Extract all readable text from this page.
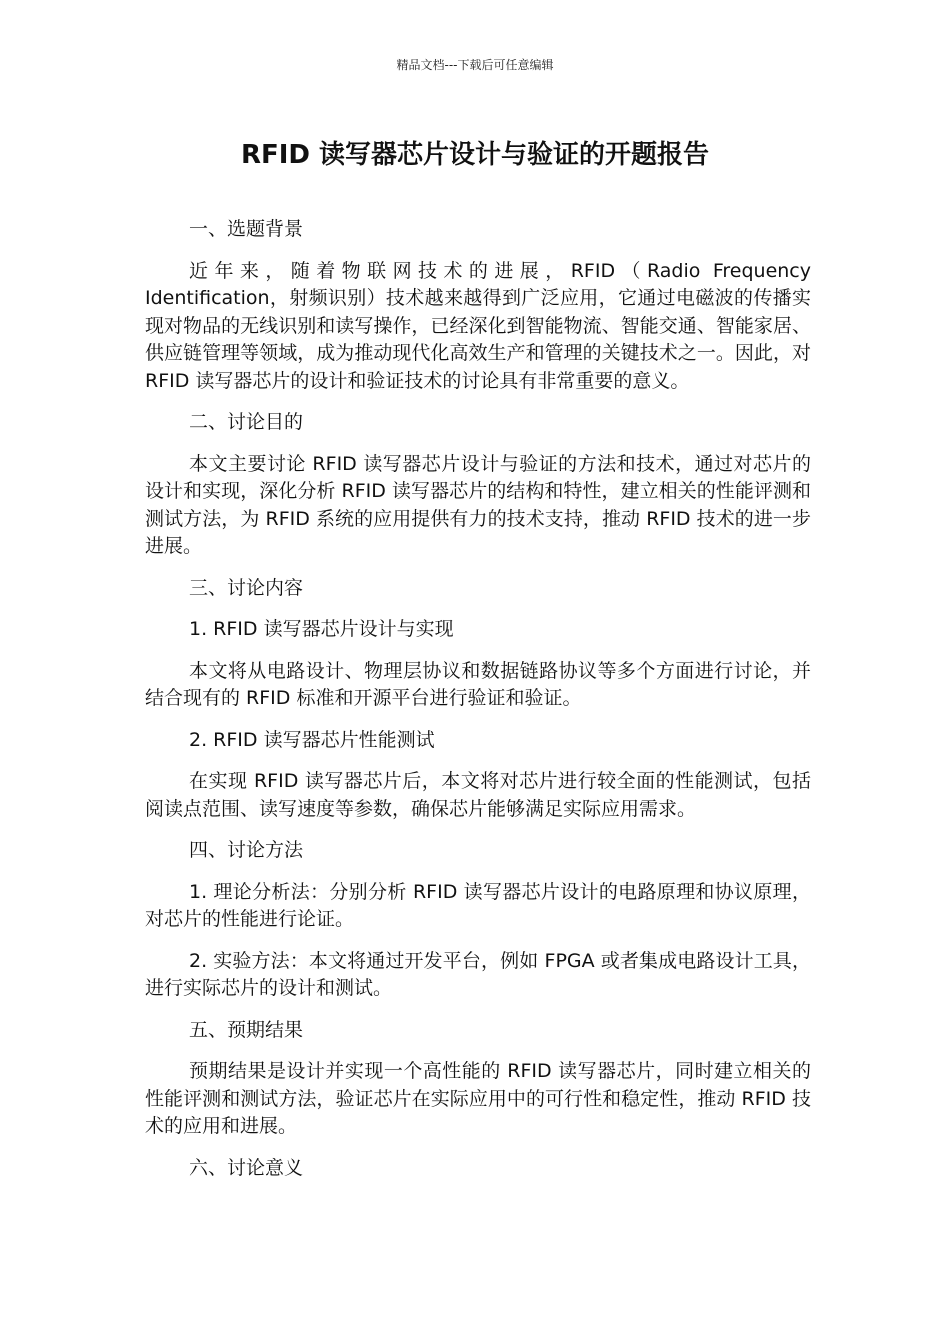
精品文档---下载后可任意编辑
RFID 读写器芯片设计与验证的开题报告

一、选题背景

近年来，随着物联网技术的进展，RFID（Radio Frequency Identification，射频识别）技术越来越得到广泛应用，它通过电磁波的传播实现对物品的无线识别和读写操作，已经深化到智能物流、智能交通、智能家居、供应链管理等领域，成为推动现代化高效生产和管理的关键技术之一。因此，对 RFID 读写器芯片的设计和验证技术的讨论具有非常重要的意义。

二、讨论目的

本文主要讨论 RFID 读写器芯片设计与验证的方法和技术，通过对芯片的设计和实现，深化分析 RFID 读写器芯片的结构和特性，建立相关的性能评测和测试方法，为 RFID 系统的应用提供有力的技术支持，推动 RFID 技术的进一步进展。

三、讨论内容

1. RFID 读写器芯片设计与实现

本文将从电路设计、物理层协议和数据链路协议等多个方面进行讨论，并结合现有的 RFID 标准和开源平台进行验证和验证。

2. RFID 读写器芯片性能测试

在实现 RFID 读写器芯片后，本文将对芯片进行较全面的性能测试，包括阅读点范围、读写速度等参数，确保芯片能够满足实际应用需求。

四、讨论方法

1. 理论分析法：分别分析 RFID 读写器芯片设计的电路原理和协议原理，对芯片的性能进行论证。

2. 实验方法：本文将通过开发平台，例如 FPGA 或者集成电路设计工具，进行实际芯片的设计和测试。

五、预期结果

预期结果是设计并实现一个高性能的 RFID 读写器芯片，同时建立相关的性能评测和测试方法，验证芯片在实际应用中的可行性和稳定性，推动 RFID 技术的应用和进展。

六、讨论意义
